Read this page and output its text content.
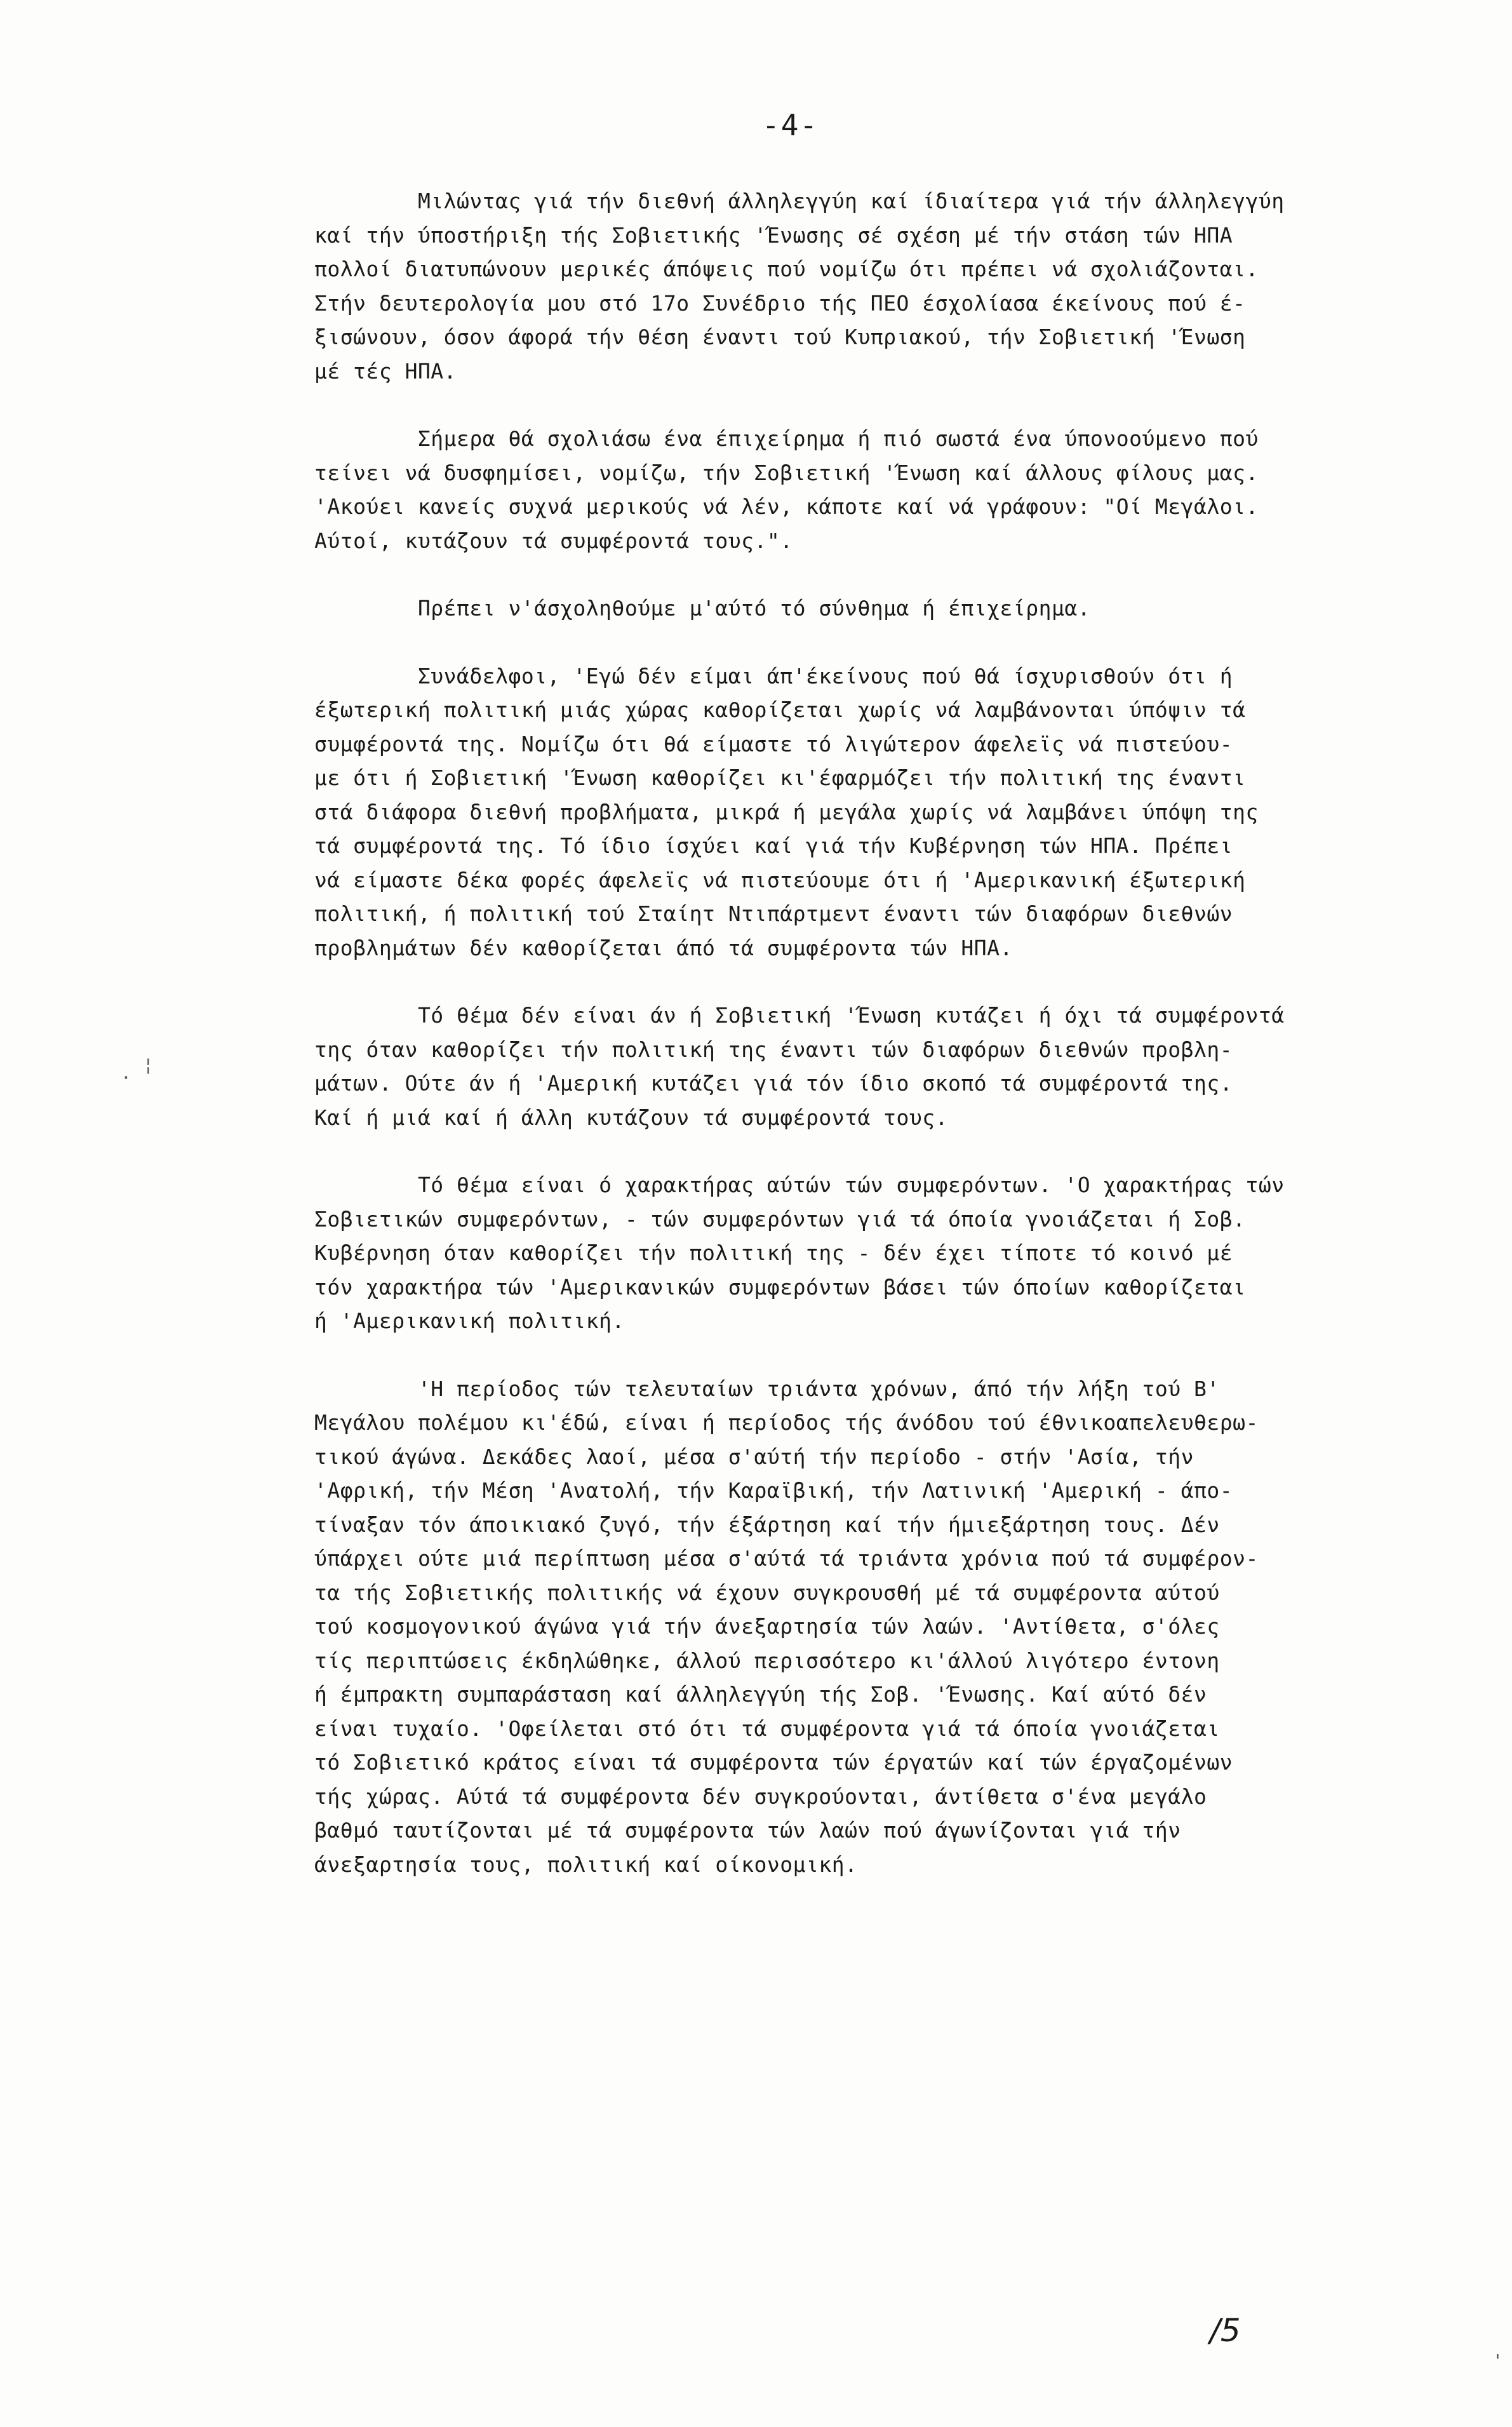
-4-
Μιλώντας γιά τήν διεθνή άλληλεγγύη καί ίδιαίτερα γιά τήν άλληλεγγύη
καί τήν ύποστήριξη τής Σοβιετικής 'Ένωσης σέ σχέση μέ τήν στάση τών ΗΠΑ
πολλοί διατυπώνουν μερικές άπόψεις πού νομίζω ότι πρέπει νά σχολιάζονται.
Στήν δευτερολογία μου στό 17ο Συνέδριο τής ΠΕΟ έσχολίασα έκείνους πού έ-
ξισώνουν, όσον άφορά τήν θέση έναντι τού Κυπριακού, τήν Σοβιετική 'Ένωση
μέ τές ΗΠΑ.
Σήμερα θά σχολιάσω ένα έπιχείρημα ή πιό σωστά ένα ύπονοούμενο πού
τείνει νά δυσφημίσει, νομίζω, τήν Σοβιετική 'Ένωση καί άλλους φίλους μας.
'Ακούει κανείς συχνά μερικούς νά λέν, κάποτε καί νά γράφουν: "Οί Μεγάλοι.
Αύτοί, κυτάζουν τά συμφέροντά τους.".
Πρέπει ν'άσχοληθούμε μ'αύτό τό σύνθημα ή έπιχείρημα.
Συνάδελφοι, 'Εγώ δέν είμαι άπ'έκείνους πού θά ίσχυρισθούν ότι ή
έξωτερική πολιτική μιάς χώρας καθορίζεται χωρίς νά λαμβάνονται ύπόψιν τά
συμφέροντά της. Νομίζω ότι θά είμαστε τό λιγώτερον άφελεϊς νά πιστεύου-
με ότι ή Σοβιετική 'Ένωση καθορίζει κι'έφαρμόζει τήν πολιτική της έναντι
στά διάφορα διεθνή προβλήματα, μικρά ή μεγάλα χωρίς νά λαμβάνει ύπόψη της
τά συμφέροντά της. Τό ίδιο ίσχύει καί γιά τήν Κυβέρνηση τών ΗΠΑ. Πρέπει
νά είμαστε δέκα φορές άφελεϊς νά πιστεύουμε ότι ή 'Αμερικανική έξωτερική
πολιτική, ή πολιτική τού Σταίητ Ντιπάρτμεντ έναντι τών διαφόρων διεθνών
προβλημάτων δέν καθορίζεται άπό τά συμφέροντα τών ΗΠΑ.
Τό θέμα δέν είναι άν ή Σοβιετική 'Ένωση κυτάζει ή όχι τά συμφέροντά
της όταν καθορίζει τήν πολιτική της έναντι τών διαφόρων διεθνών προβλη-
μάτων. Ούτε άν ή 'Αμερική κυτάζει γιά τόν ίδιο σκοπό τά συμφέροντά της.
Καί ή μιά καί ή άλλη κυτάζουν τά συμφέροντά τους.
Τό θέμα είναι ό χαρακτήρας αύτών τών συμφερόντων. 'Ο χαρακτήρας τών
Σοβιετικών συμφερόντων, - τών συμφερόντων γιά τά όποία γνοιάζεται ή Σοβ.
Κυβέρνηση όταν καθορίζει τήν πολιτική της - δέν έχει τίποτε τό κοινό μέ
τόν χαρακτήρα τών 'Αμερικανικών συμφερόντων βάσει τών όποίων καθορίζεται
ή 'Αμερικανική πολιτική.
'Η περίοδος τών τελευταίων τριάντα χρόνων, άπό τήν λήξη τού Β'
Μεγάλου πολέμου κι'έδώ, είναι ή περίοδος τής άνόδου τού έθνικοαπελευθερω-
τικού άγώνα. Δεκάδες λαοί, μέσα σ'αύτή τήν περίοδο - στήν 'Ασία, τήν
'Αφρική, τήν Μέση 'Ανατολή, τήν Καραϊβική, τήν Λατινική 'Αμερική - άπο-
τίναξαν τόν άποικιακό ζυγό, τήν έξάρτηση καί τήν ήμιεξάρτηση τους. Δέν
ύπάρχει ούτε μιά περίπτωση μέσα σ'αύτά τά τριάντα χρόνια πού τά συμφέρον-
τα τής Σοβιετικής πολιτικής νά έχουν συγκρουσθή μέ τά συμφέροντα αύτού
τού κοσμογονικού άγώνα γιά τήν άνεξαρτησία τών λαών. 'Αντίθετα, σ'όλες
τίς περιπτώσεις έκδηλώθηκε, άλλού περισσότερο κι'άλλού λιγότερο έντονη
ή έμπρακτη συμπαράσταση καί άλληλεγγύη τής Σοβ. 'Ένωσης. Καί αύτό δέν
είναι τυχαίο. 'Οφείλεται στό ότι τά συμφέροντα γιά τά όποία γνοιάζεται
τό Σοβιετικό κράτος είναι τά συμφέροντα τών έργατών καί τών έργαζομένων
τής χώρας. Αύτά τά συμφέροντα δέν συγκρούονται, άντίθετα σ'ένα μεγάλο
βαθμό ταυτίζονται μέ τά συμφέροντα τών λαών πού άγωνίζονται γιά τήν
άνεξαρτησία τους, πολιτική καί οίκονομική.
/5
·
¦
'
